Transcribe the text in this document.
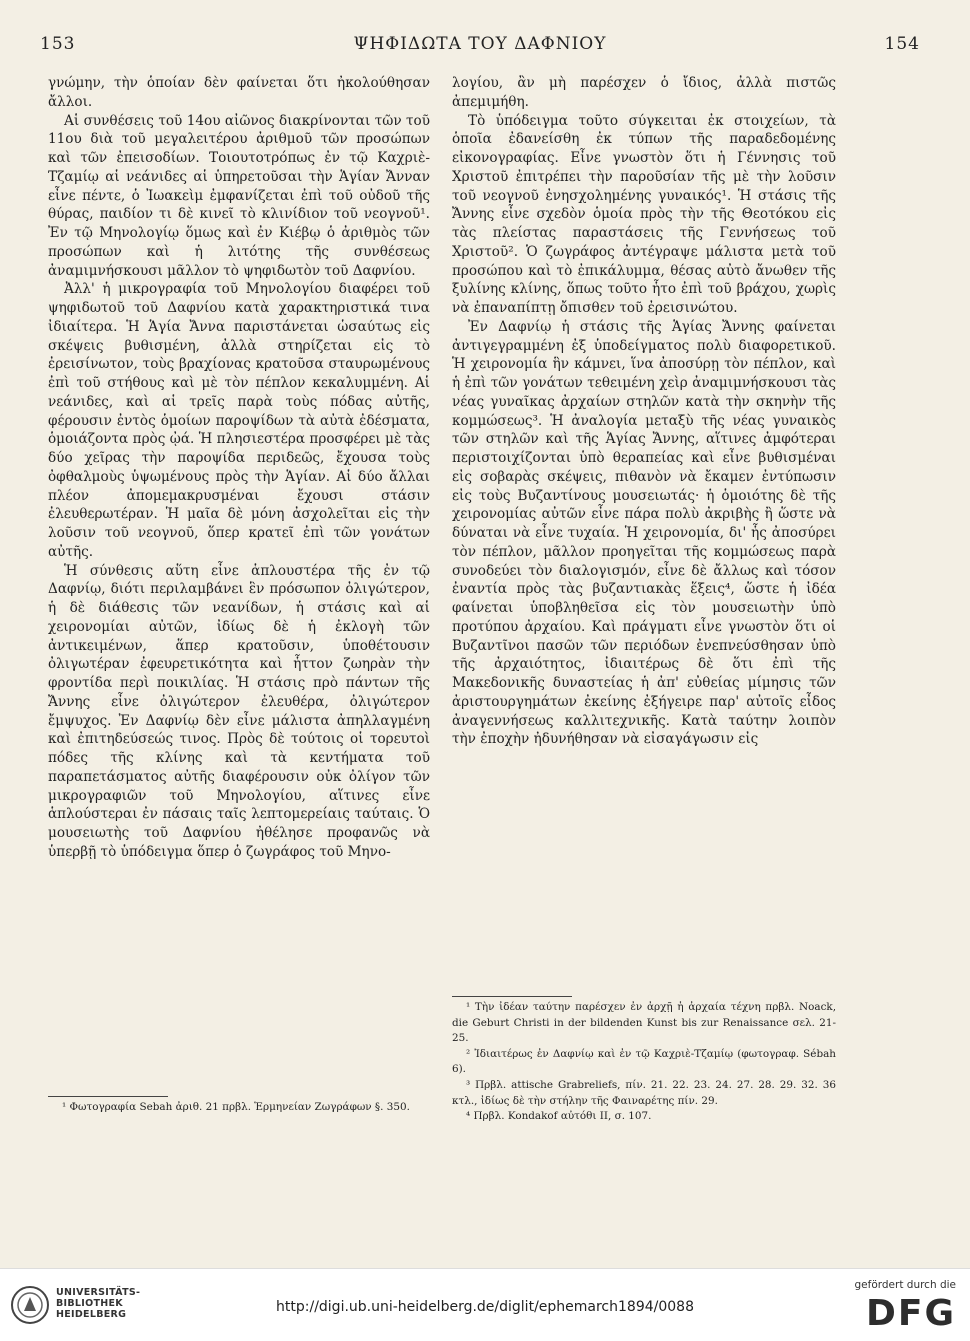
153	ΨΗΦΙΔΩΤΑ ΤΟΥ ΔΑΦΝΙΟΥ	154

γνώμην, τὴν ὁποίαν δὲν φαίνεται ὅτι ἠκολούθησαν ἄλλοι.

Αἱ συνθέσεις τοῦ 14ου αἰῶνος διακρίνονται τῶν τοῦ 11ου διὰ τοῦ μεγαλειτέρου ἀριθμοῦ τῶν προσώπων καὶ τῶν ἐπεισοδίων. Τοιουτοτρόπως ἐν τῷ Καχριὲ-Τζαμίῳ αἱ νεάνιδες αἱ ὑπηρετοῦσαι τὴν Ἁγίαν Ἄνναν εἶνε πέντε, ὁ Ἰωακεὶμ ἐμφανίζεται ἐπὶ τοῦ οὐδοῦ τῆς θύρας, παιδίον τι δὲ κινεῖ τὸ κλινίδιον τοῦ νεογνοῦ¹. Ἐν τῷ Μηνολογίῳ ὅμως καὶ ἐν Κιέβῳ ὁ ἀριθμὸς τῶν προσώπων καὶ ἡ λιτότης τῆς συνθέσεως ἀναμιμνήσκουσι μᾶλλον τὸ ψηφιδωτὸν τοῦ Δαφνίου.

Ἀλλ' ἡ μικρογραφία τοῦ Μηνολογίου διαφέρει τοῦ ψηφιδωτοῦ τοῦ Δαφνίου κατὰ χαρακτηριστικά τινα ἰδιαίτερα. Ἡ Ἁγία Ἄννα παριστάνεται ὡσαύτως εἰς σκέψεις βυθισμένη, ἀλλὰ στηρίζεται εἰς τὸ ἐρεισίνωτον, τοὺς βραχίονας κρατοῦσα σταυρωμένους ἐπὶ τοῦ στήθους καὶ μὲ τὸν πέπλον κεκαλυμμένη. Αἱ νεάνιδες, καὶ αἱ τρεῖς παρὰ τοὺς πόδας αὐτῆς, φέρουσιν ἐντὸς ὁμοίων παροψίδων τὰ αὐτὰ ἐδέσματα, ὁμοιάζοντα πρὸς ᾠά. Ἡ πλησιεστέρα προσφέρει μὲ τὰς δύο χεῖρας τὴν παροψίδα περιδεῶς, ἔχουσα τοὺς ὀφθαλμοὺς ὑψωμένους πρὸς τὴν Ἁγίαν. Αἱ δύο ἄλλαι πλέον ἀπομεμακρυσμέναι ἔχουσι στάσιν ἐλευθερωτέραν. Ἡ μαῖα δὲ μόνη ἀσχολεῖται εἰς τὴν λοῦσιν τοῦ νεογνοῦ, ὅπερ κρατεῖ ἐπὶ τῶν γονάτων αὐτῆς.

Ἡ σύνθεσις αὕτη εἶνε ἁπλουστέρα τῆς ἐν τῷ Δαφνίῳ, διότι περιλαμβάνει ἓν πρόσωπον ὀλιγώτερον, ἡ δὲ διάθεσις τῶν νεανίδων, ἡ στάσις καὶ αἱ χειρονομίαι αὐτῶν, ἰδίως δὲ ἡ ἐκλογὴ τῶν ἀντικειμένων, ἅπερ κρατοῦσιν, ὑποθέτουσιν ὀλιγωτέραν ἐφευρετικότητα καὶ ἧττον ζωηρὰν τὴν φροντίδα περὶ ποικιλίας. Ἡ στάσις πρὸ πάντων τῆς Ἄννης εἶνε ὀλιγώτερον ἐλευθέρα, ὀλιγώτερον ἔμψυχος. Ἐν Δαφνίῳ δὲν εἶνε μάλιστα ἀπηλλαγμένη καὶ ἐπιτηδεύσεώς τινος. Πρὸς δὲ τούτοις οἱ τορευτοὶ πόδες τῆς κλίνης καὶ τὰ κεντήματα τοῦ παραπετάσματος αὐτῆς διαφέρουσιν οὐκ ὀλίγον τῶν μικρογραφιῶν τοῦ Μηνολογίου, αἵτινες εἶνε ἁπλούστεραι ἐν πάσαις ταῖς λεπτομερείαις ταύταις. Ὁ μουσειωτὴς τοῦ Δαφνίου ἠθέλησε προφανῶς νὰ ὑπερβῇ τὸ ὑπόδειγμα ὅπερ ὁ ζωγράφος τοῦ Μηνο-

¹ Φωτογραφία Sebah ἀριθ. 21 πρβλ. Ἑρμηνείαν Ζωγράφων §. 350.

λογίου, ἂν μὴ παρέσχεν ὁ ἴδιος, ἀλλὰ πιστῶς ἀπεμιμήθη.

Τὸ ὑπόδειγμα τοῦτο σύγκειται ἐκ στοιχείων, τὰ ὁποῖα ἐδανείσθη ἐκ τύπων τῆς παραδεδομένης εἰκονογραφίας. Εἶνε γνωστὸν ὅτι ἡ Γέννησις τοῦ Χριστοῦ ἐπιτρέπει τὴν παροῦσίαν τῆς μὲ τὴν λοῦσιν τοῦ νεογνοῦ ἐνησχολημένης γυναικός¹. Ἡ στάσις τῆς Ἄννης εἶνε σχεδὸν ὁμοία πρὸς τὴν τῆς Θεοτόκου εἰς τὰς πλείστας παραστάσεις τῆς Γεννήσεως τοῦ Χριστοῦ². Ὁ ζωγράφος ἀντέγραψε μάλιστα μετὰ τοῦ προσώπου καὶ τὸ ἐπικάλυμμα, θέσας αὐτὸ ἄνωθεν τῆς ξυλίνης κλίνης, ὅπως τοῦτο ἧτο ἐπὶ τοῦ βράχου, χωρὶς νὰ ἐπαναπίπτῃ ὄπισθεν τοῦ ἐρεισινώτου.

Ἐν Δαφνίῳ ἡ στάσις τῆς Ἁγίας Ἄννης φαίνεται ἀντιγεγραμμένη ἐξ ὑποδείγματος πολὺ διαφορετικοῦ. Ἡ χειρονομία ἣν κάμνει, ἵνα ἀποσύρῃ τὸν πέπλον, καὶ ἡ ἐπὶ τῶν γονάτων τεθειμένη χεὶρ ἀναμιμνήσκουσι τὰς νέας γυναῖκας ἀρχαίων στηλῶν κατὰ τὴν σκηνὴν τῆς κομμώσεως³. Ἡ ἀναλογία μεταξὺ τῆς νέας γυναικὸς τῶν στηλῶν καὶ τῆς Ἁγίας Ἄννης, αἵτινες ἀμφότεραι περιστοιχίζονται ὑπὸ θεραπείας καὶ εἶνε βυθισμέναι εἰς σοβαρὰς σκέψεις, πιθανὸν νὰ ἔκαμεν ἐντύπωσιν εἰς τοὺς Βυζαντίνους μουσειωτάς· ἡ ὁμοιότης δὲ τῆς χειρονομίας αὐτῶν εἶνε πάρα πολὺ ἀκριβὴς ἢ ὥστε νὰ δύναται νὰ εἶνε τυχαία. Ἡ χειρονομία, δι' ἧς ἀποσύρει τὸν πέπλον, μᾶλλον προηγεῖται τῆς κομμώσεως παρὰ συνοδεύει τὸν διαλογισμόν, εἶνε δὲ ἄλλως καὶ τόσον ἐναντία πρὸς τὰς βυζαντιακὰς ἕξεις⁴, ὥστε ἡ ἰδέα φαίνεται ὑποβληθεῖσα εἰς τὸν μουσειωτὴν ὑπὸ προτύπου ἀρχαίου. Καὶ πράγματι εἶνε γνωστὸν ὅτι οἱ Βυζαντῖνοι πασῶν τῶν περιόδων ἐνεπνεύσθησαν ὑπὸ τῆς ἀρχαιότητος, ἰδιαιτέρως δὲ ὅτι ἐπὶ τῆς Μακεδονικῆς δυναστείας ἡ ἀπ' εὐθείας μίμησις τῶν ἀριστουργημάτων ἐκείνης ἐξήγειρε παρ' αὐτοῖς εἶδος ἀναγεννήσεως καλλιτεχνικῆς. Κατὰ ταύτην λοιπὸν τὴν ἐποχὴν ἠδυνήθησαν νὰ εἰσαγάγωσιν εἰς

¹ Τὴν ἰδέαν ταύτην παρέσχεν ἐν ἀρχῇ ἡ ἀρχαία τέχνη πρβλ. Noack, die Geburt Christi in der bildenden Kunst bis zur Renaissance σελ. 21-25.

² Ἰδιαιτέρως ἐν Δαφνίῳ καὶ ἐν τῷ Καχριὲ-Τζαμίῳ (φωτογραφ. Sébah 6).

³ Πρβλ. attische Grabreliefs, πίν. 21. 22. 23. 24. 27. 28. 29. 32. 36 κτλ., ἰδίως δὲ τὴν στήλην τῆς Φαιναρέτης πίν. 29.

⁴ Πρβλ. Kondakof αὐτόθι II, σ. 107.

UNIVERSITÄTS-
BIBLIOTHEK
HEIDELBERG	http://digi.ub.uni-heidelberg.de/diglit/ephemarch1894/0088
gefördert durch die
DFG
